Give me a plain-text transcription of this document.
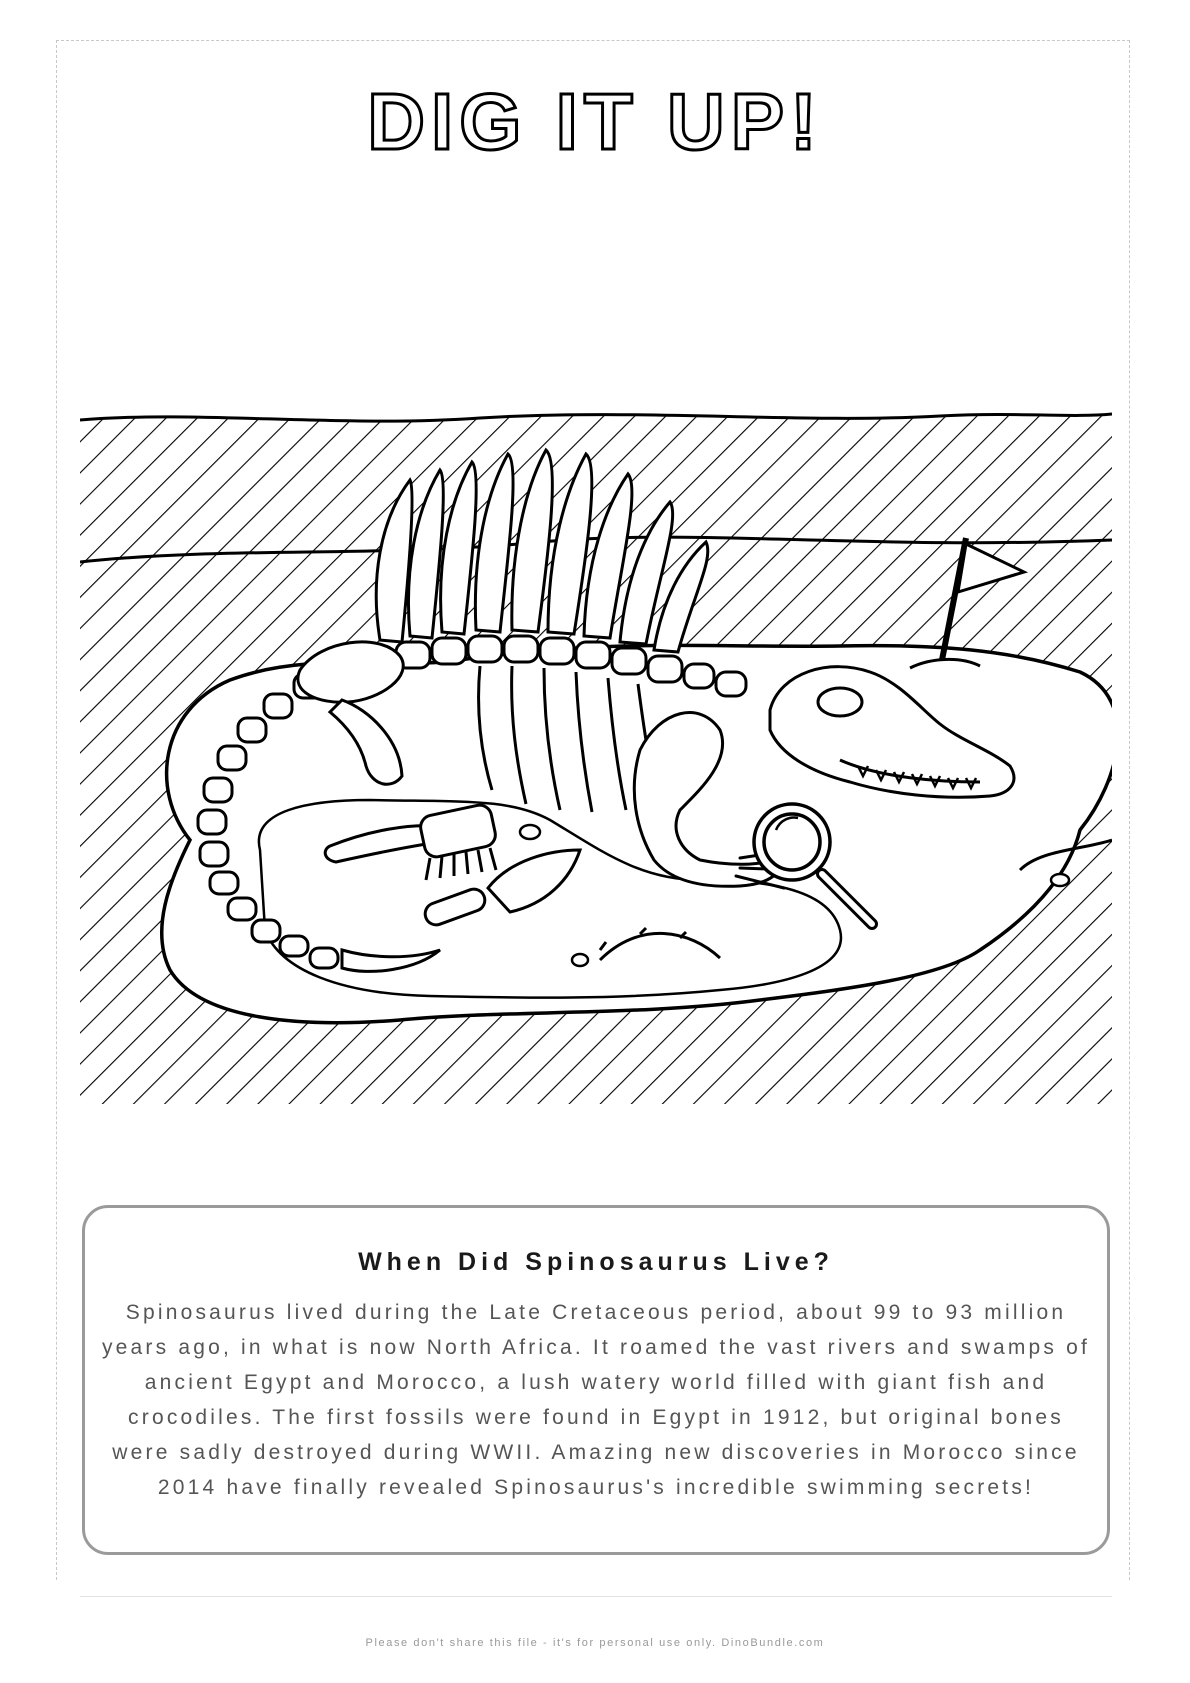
DIG IT UP!
When Did Spinosaurus Live?
Spinosaurus lived during the Late Cretaceous period, about 99 to 93 million years ago, in what is now North Africa. It roamed the vast rivers and swamps of ancient Egypt and Morocco, a lush watery world filled with giant fish and crocodiles. The first fossils were found in Egypt in 1912, but original bones were sadly destroyed during WWII. Amazing new discoveries in Morocco since 2014 have finally revealed Spinosaurus's incredible swimming secrets!
Please don't share this file - it's for personal use only. DinoBundle.com
